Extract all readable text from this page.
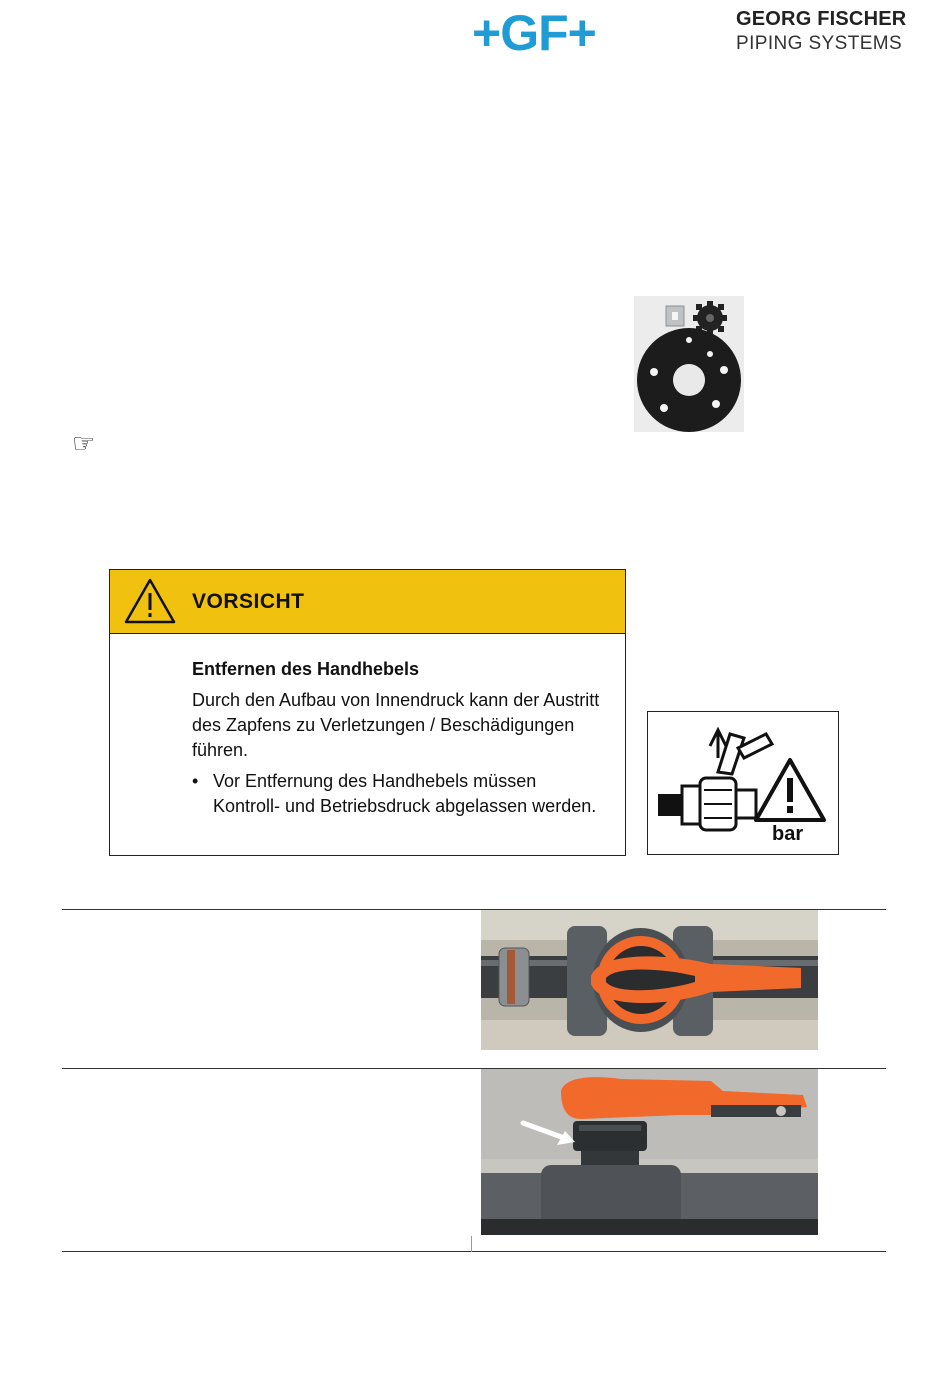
+GF+	GEORG FISCHER
PIPING SYSTEMS
☞
VORSICHT
Entfernen des Handhebels
Durch den Aufbau von Innendruck kann der Austritt des Zapfens zu Verletzungen / Beschädigungen führen.
• Vor Entfernung des Handhebels müssen Kontroll- und Betriebsdruck abgelassen werden.
bar
